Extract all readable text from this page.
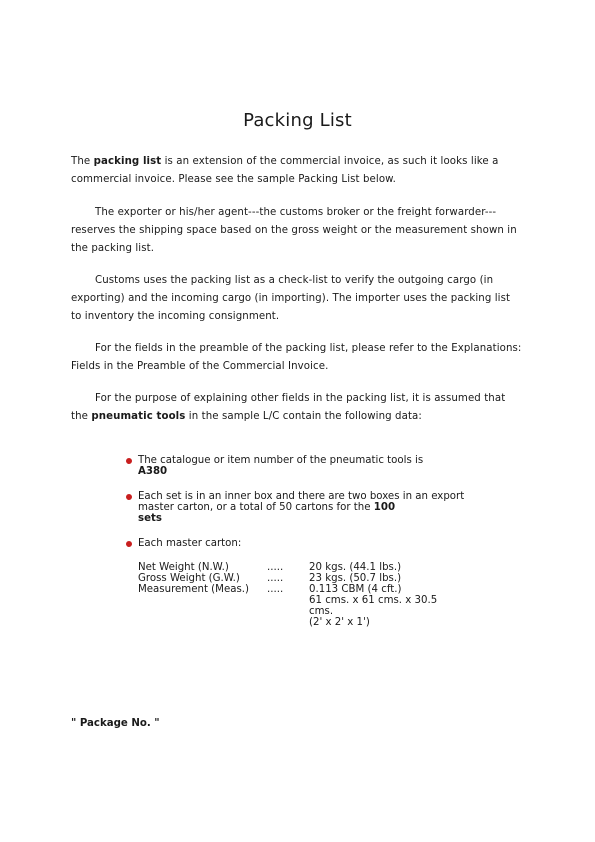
Packing List

The packing list is an extension of the commercial invoice, as such it looks like a commercial invoice. Please see the sample Packing List below.

The exporter or his/her agent---the customs broker or the freight forwarder---reserves the shipping space based on the gross weight or the measurement shown in the packing list.

Customs uses the packing list as a check-list to verify the outgoing cargo (in exporting) and the incoming cargo (in importing). The importer uses the packing list to inventory the incoming consignment.

For the fields in the preamble of the packing list, please refer to the Explanations: Fields in the Preamble of the Commercial Invoice.

For the purpose of explaining other fields in the packing list, it is assumed that the pneumatic tools in the sample L/C contain the following data:

The catalogue or item number of the pneumatic tools is
A380
Each set is in an inner box and there are two boxes in an export master carton, or a total of 50 cartons for the 100
sets
Each master carton:
Net Weight (N.W.)	.....	20 kgs. (44.1 lbs.)
Gross Weight (G.W.)	.....	23 kgs. (50.7 lbs.)
Measurement (Meas.) .....	0.113 CBM (4 cft.)
61 cms. x 61 cms. x 30.5
cms.
(2' x 2' x 1')
" Package No. "
